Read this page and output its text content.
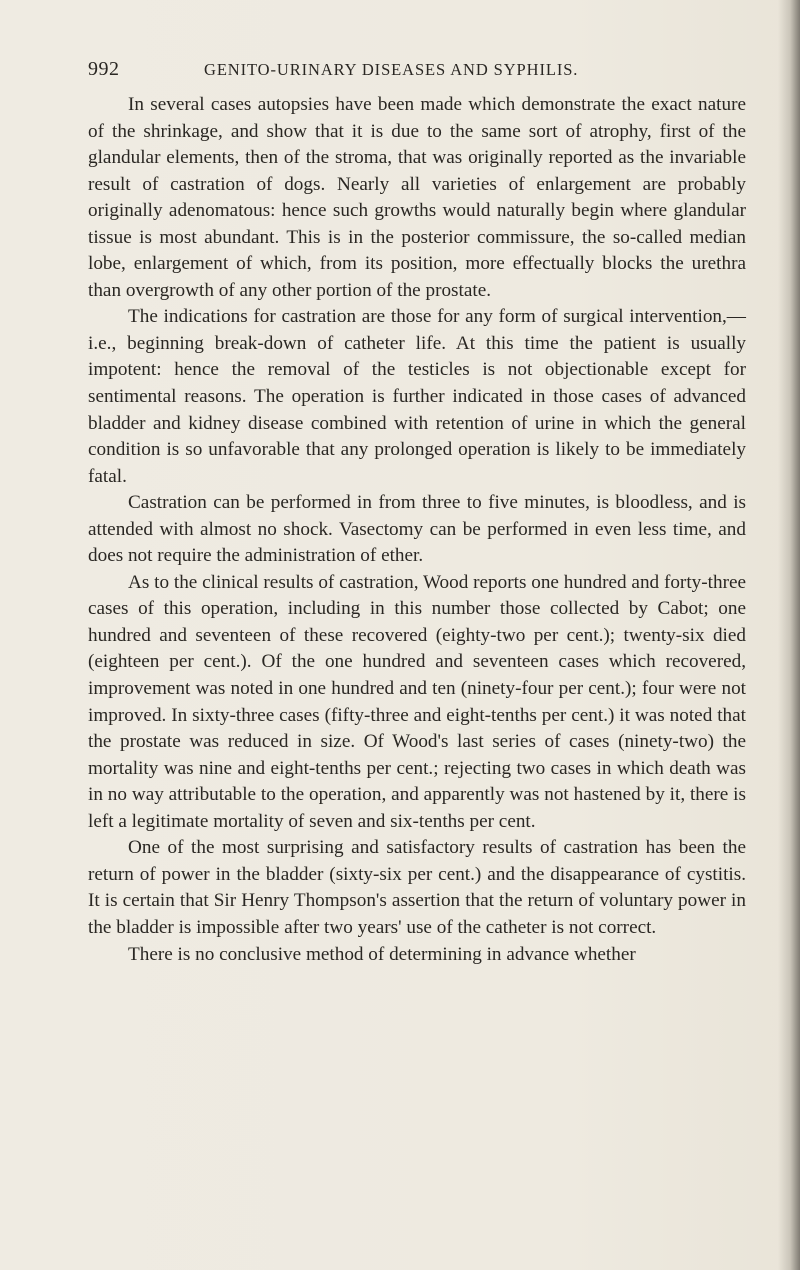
992	GENITO-URINARY DISEASES AND SYPHILIS.

In several cases autopsies have been made which demonstrate the exact nature of the shrinkage, and show that it is due to the same sort of atrophy, first of the glandular elements, then of the stroma, that was originally reported as the invariable result of castration of dogs. Nearly all varieties of enlargement are probably originally adenomatous: hence such growths would naturally begin where glandular tissue is most abundant. This is in the posterior commissure, the so-called median lobe, enlargement of which, from its position, more effectually blocks the urethra than overgrowth of any other portion of the prostate.

The indications for castration are those for any form of surgical intervention,—i.e., beginning break-down of catheter life. At this time the patient is usually impotent: hence the removal of the testicles is not objectionable except for sentimental reasons. The operation is further indicated in those cases of advanced bladder and kidney disease combined with retention of urine in which the general condition is so unfavorable that any prolonged operation is likely to be immediately fatal.

Castration can be performed in from three to five minutes, is bloodless, and is attended with almost no shock. Vasectomy can be performed in even less time, and does not require the administration of ether.

As to the clinical results of castration, Wood reports one hundred and forty-three cases of this operation, including in this number those collected by Cabot; one hundred and seventeen of these recovered (eighty-two per cent.); twenty-six died (eighteen per cent.). Of the one hundred and seventeen cases which recovered, improvement was noted in one hundred and ten (ninety-four per cent.); four were not improved. In sixty-three cases (fifty-three and eight-tenths per cent.) it was noted that the prostate was reduced in size. Of Wood's last series of cases (ninety-two) the mortality was nine and eight-tenths per cent.; rejecting two cases in which death was in no way attributable to the operation, and apparently was not hastened by it, there is left a legitimate mortality of seven and six-tenths per cent.

One of the most surprising and satisfactory results of castration has been the return of power in the bladder (sixty-six per cent.) and the disappearance of cystitis. It is certain that Sir Henry Thompson's assertion that the return of voluntary power in the bladder is impossible after two years' use of the catheter is not correct.

There is no conclusive method of determining in advance whether
